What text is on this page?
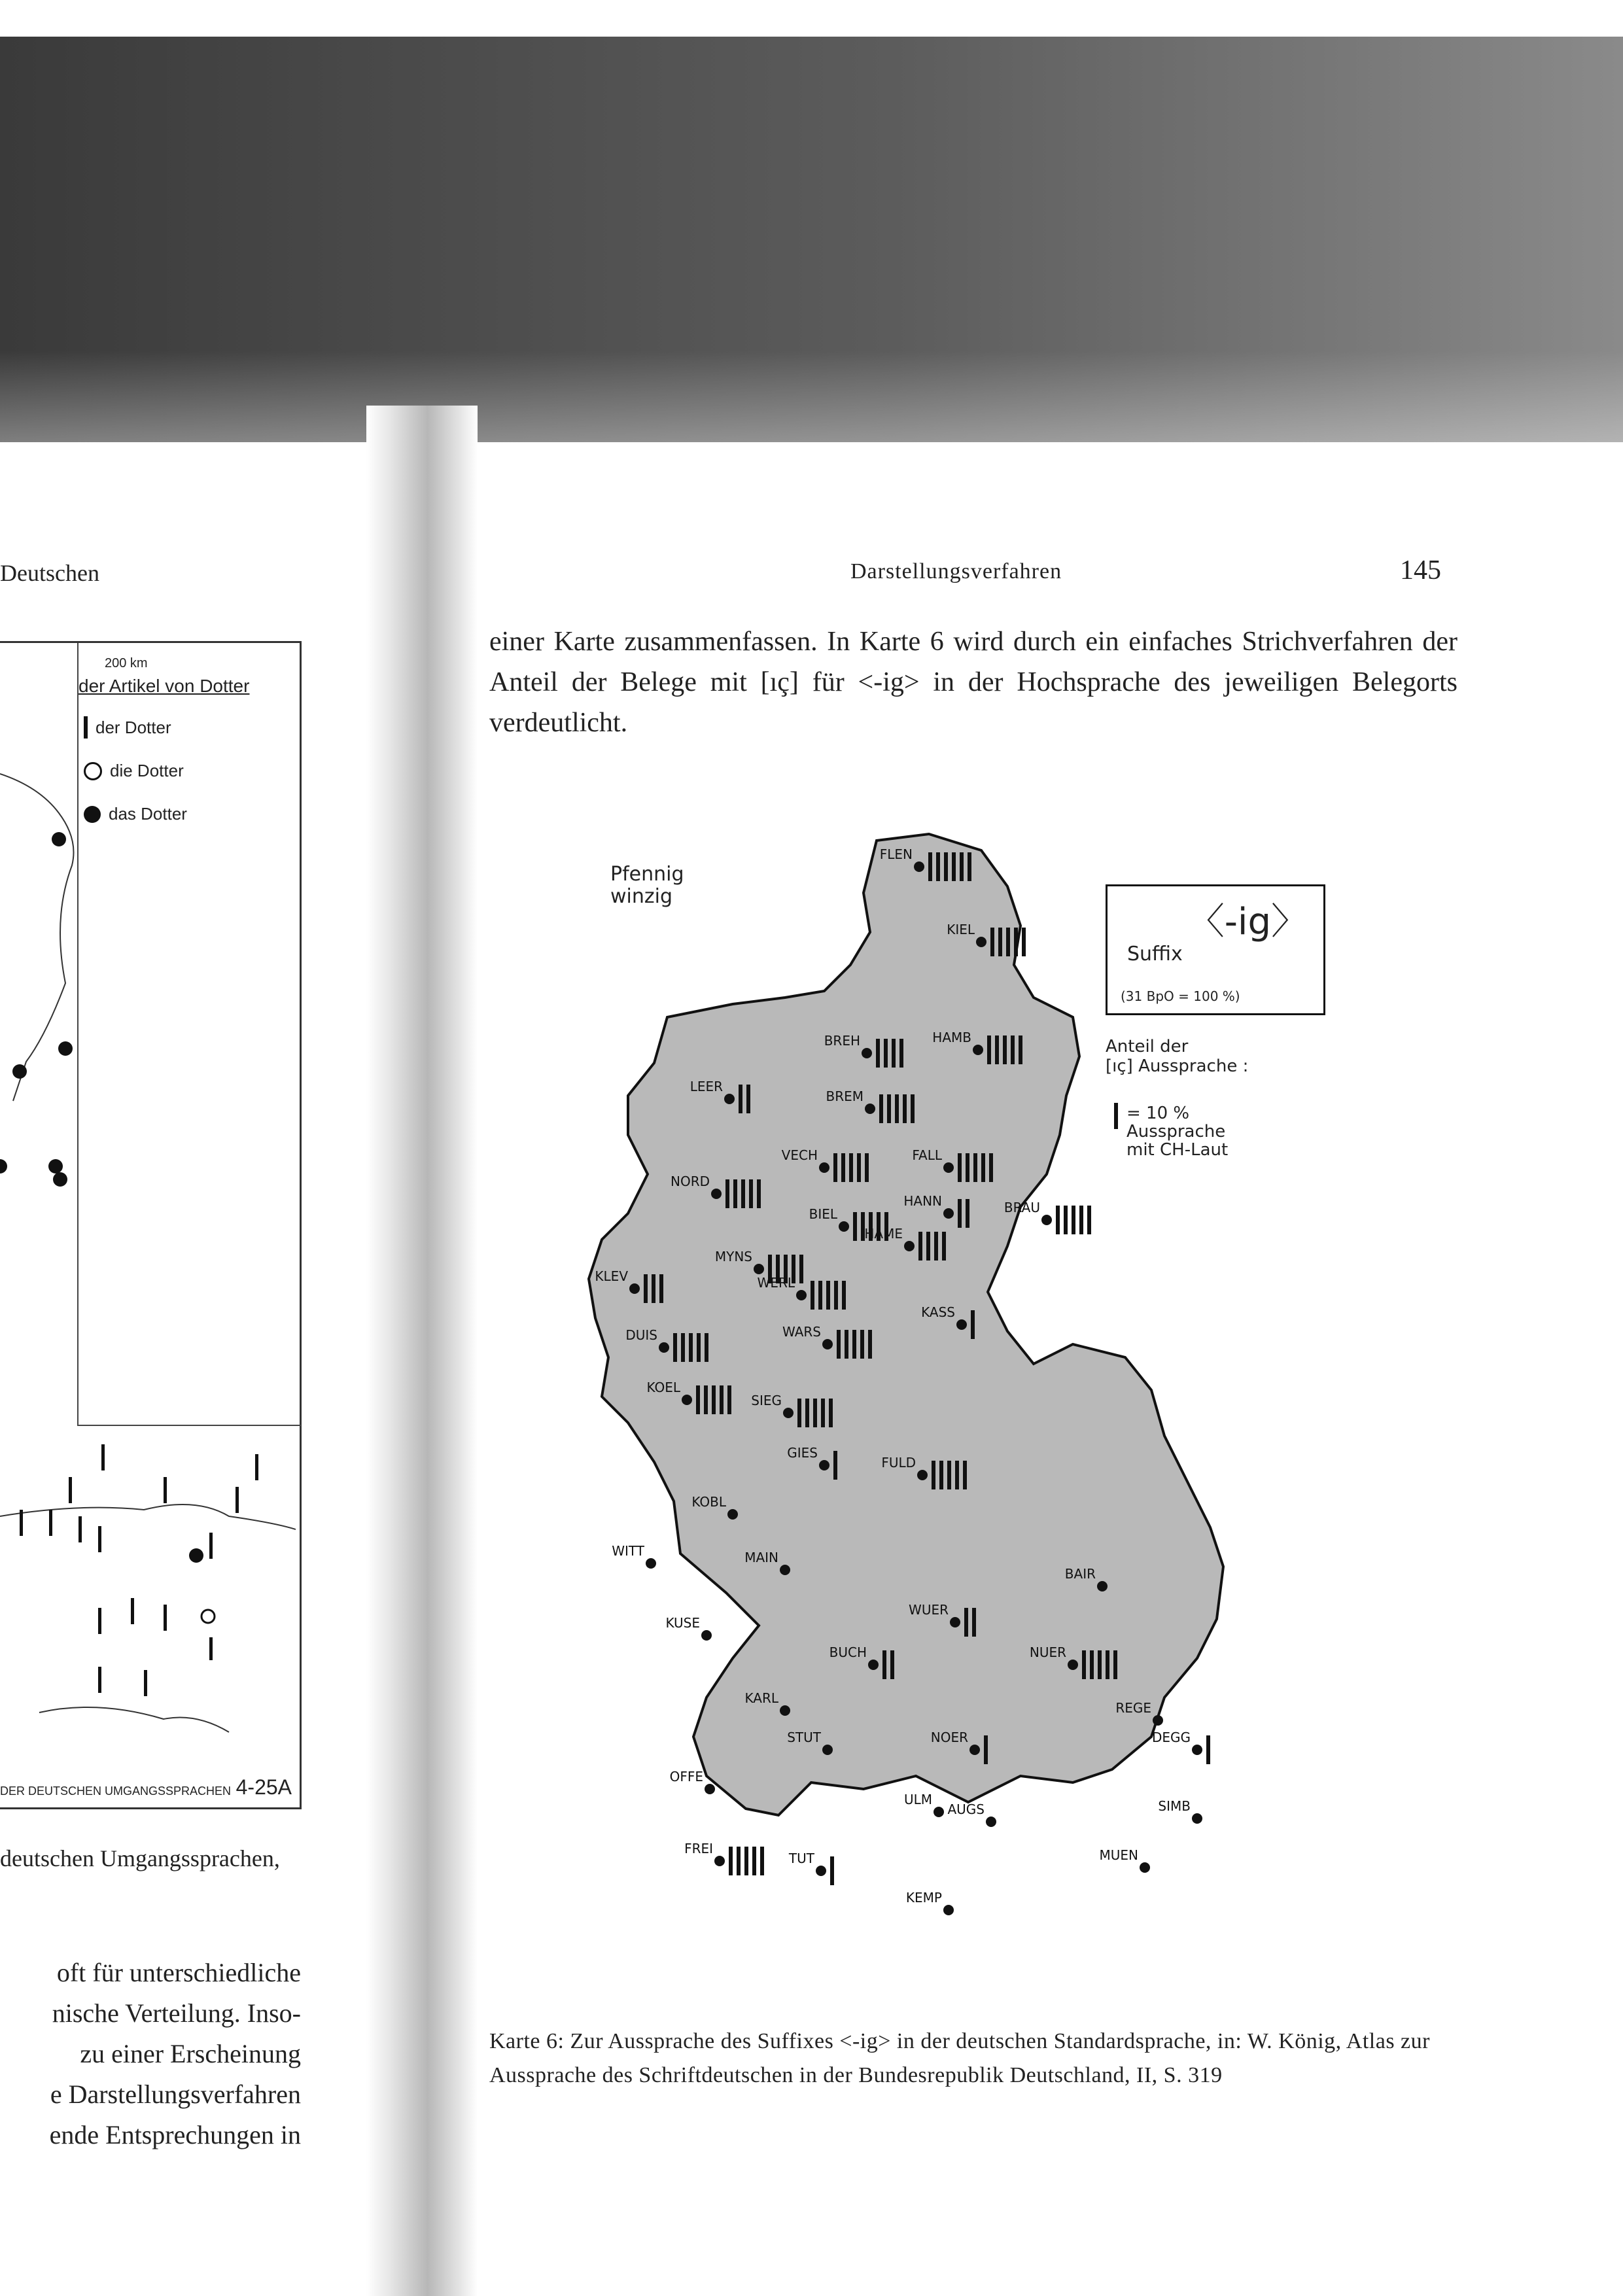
Deutschen
200 km
der Artikel von Dotter
der Dotter
die Dotter
das Dotter
DER DEUTSCHEN UMGANGSSPRACHEN 4-25A
deutschen Umgangssprachen,
oft für unterschiedliche
nische Verteilung. Inso-
zu einer Erscheinung
e Darstellungsverfahren
ende Entsprechungen in
Darstellungsverfahren	145
einer Karte zusammenfassen. In Karte 6 wird durch ein einfaches Strichverfahren der Anteil der Belege mit [ıç] für <-ig> in der Hochsprache des jeweiligen Belegorts verdeutlicht.
FLEN
KIEL
HAMB
BREH
LEER
BREM
VECH	FALL
NORD
HANN
BIEL
HAME
BRAU
MYNS
KLEV	WERL
KASS
DUIS	WARS
KOEL
SIEG
FULD
GIES
KOBL
WITT	MAIN
BAIR
WUER
KUSE
BUCH	NUER
KARL
REGE
STUT	NOER	DEGG
OFFE
ULM
AUGS	SIMB
FREI
TUT	MUEN
KEMP
Pfennig
winzig
〈-ig〉
Suffix
(31 BpO = 100 %)
Anteil der
[ıç] Aussprache :
= 10 %
Aussprache
mit CH-Laut
Karte 6: Zur Aussprache des Suffixes <-ig> in der deutschen Standardsprache, in: W. König, Atlas zur Aussprache des Schriftdeutschen in der Bundesrepublik Deutschland, II, S. 319
